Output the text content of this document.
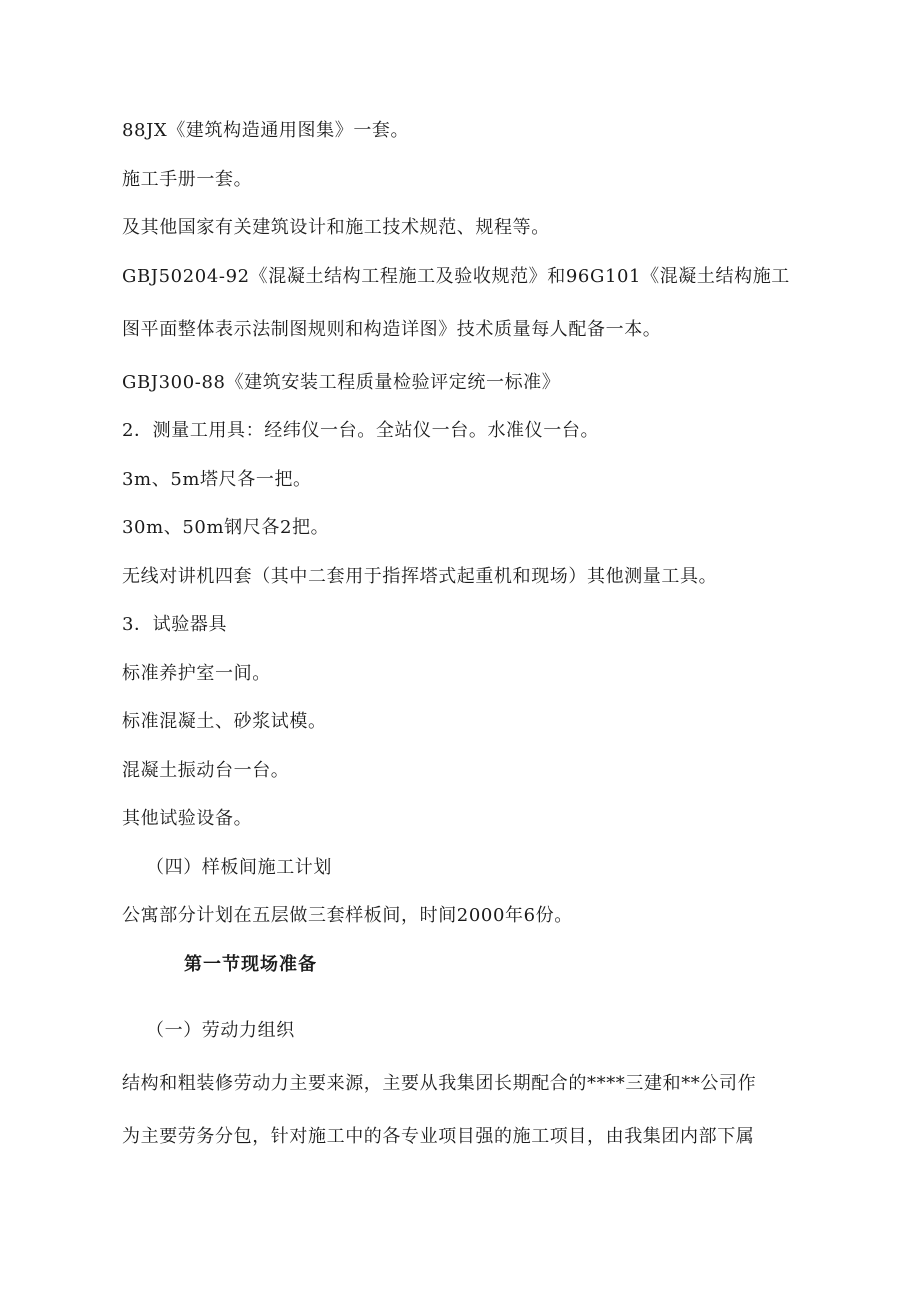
88JX《建筑构造通用图集》一套。

施工手册一套。

及其他国家有关建筑设计和施工技术规范、规程等。

GBJ50204-92《混凝土结构工程施工及验收规范》和96G101《混凝土结构施工

图平面整体表示法制图规则和构造详图》技术质量每人配备一本。

GBJ300-88《建筑安装工程质量检验评定统一标准》

2．测量工用具：经纬仪一台。全站仪一台。水准仪一台。

3m、5m塔尺各一把。

30m、50m钢尺各2把。

无线对讲机四套（其中二套用于指挥塔式起重机和现场）其他测量工具。

3．试验器具

标准养护室一间。

标准混凝土、砂浆试模。

混凝土振动台一台。

其他试验设备。

（四）样板间施工计划

公寓部分计划在五层做三套样板间，时间2000年6份。

第一节现场准备

（一）劳动力组织

结构和粗装修劳动力主要来源，主要从我集团长期配合的****三建和**公司作

为主要劳务分包，针对施工中的各专业项目强的施工项目，由我集团内部下属
